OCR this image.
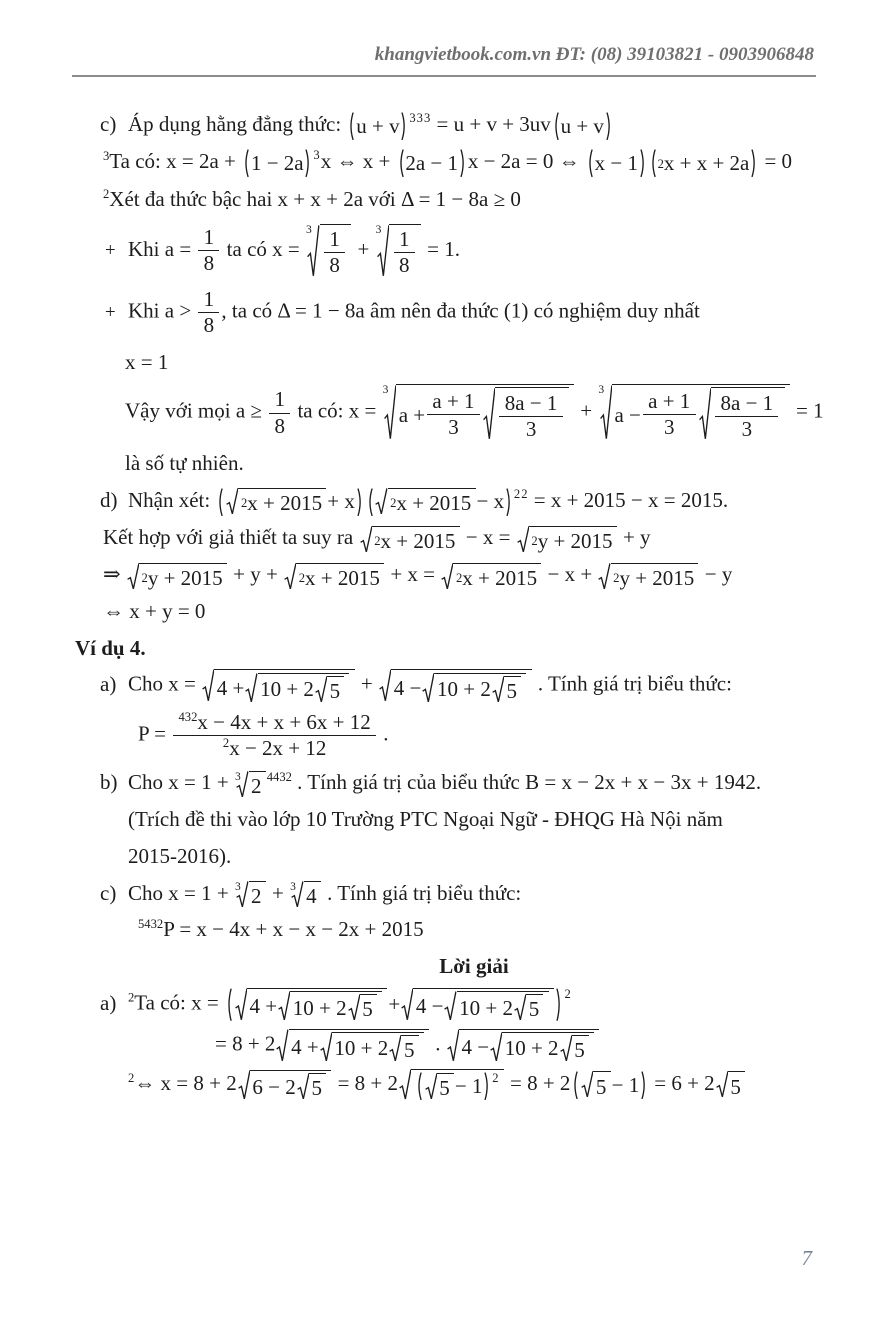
khangvietbook.com.vn ĐT: (08) 39103821 - 0903906848
c) Áp dụng hằng đẳng thức: u + v 3 3 3 = u + v + 3uv u + v
$^3$Ta có: x = 2a + 1 − 2a 3 x ⇔ x + 2a − 1 x − 2a = 0 ⇔ x − 1 2 x + x + 2a = 0
$^2$Xét đa thức bậc hai x + x + 2a với Δ = 1 − 8a ≥ 0
+ Khi $a = \frac{1}{8}$ ta có x =
$3 \frac{1}{8}$ +
$3 \frac{1}{8} = 1$.
+ Khi $a > \frac{1}{8}$ , ta có Δ = 1 − 8a âm nên đa thức (1) có nghiệm duy nhất
x = 1
Vậy với mọi $a \ge \frac{1}{8}$ ta có: x =
3
$a + \frac{a + 1}{3} \frac{8a - 1}{3}$ +
3
$a - \frac{a + 1}{3} \frac{8a - 1}{3} = 1$
là số tự nhiên.
d) Nhận xét: 2 x + 2015 + x	2 x + 2015 − x 2 2 = x + 2015 − x = 2015.
Kết hợp với giả thiết ta suy ra 2 x + 2015 − x = 2 y + 2015 + y
⇒ 2 y + 2015 + y + 2 x + 2015 + x = 2 x + 2015 − x + 2 y + 2015 − y
⇔ x + y = 0
Ví dụ 4.
a) Cho x = 4 + 10 + 2 5 + 4 − 10 + 2 5 . Tính giá trị biểu thức:
$P = \frac{^{432}x - 4x + x + 6x + 12}{^2x - 2x + 12}$ .
b) Cho x = 1 + 3 2 $^{4432}$ . Tính giá trị của biểu thức B = x − 2x + x − 3x + 1942.
(Trích đề thi vào lớp 10 Trường PTC Ngoại Ngữ - ĐHQG Hà Nội năm
2015-2016).
c) Cho x = 1 + 3 2 + 3 4 . Tính giá trị biểu thức:
$^{5432}$P = x − 4x + x − x − 2x + 2015
Lời giải
a) $^2$Ta có: x = 4 + 10 + 2 5 + 4 − 10 + 2 5
2
= 8 + 2 4 + 10 + 2 5 . 4 − 10 + 2 5
$^2$⇔ x = 8 + 2 6 − 2 5 = 8 + 2 5 − 1 2 = 8 + 2 5 − 1 = 6 + 2 5
7
